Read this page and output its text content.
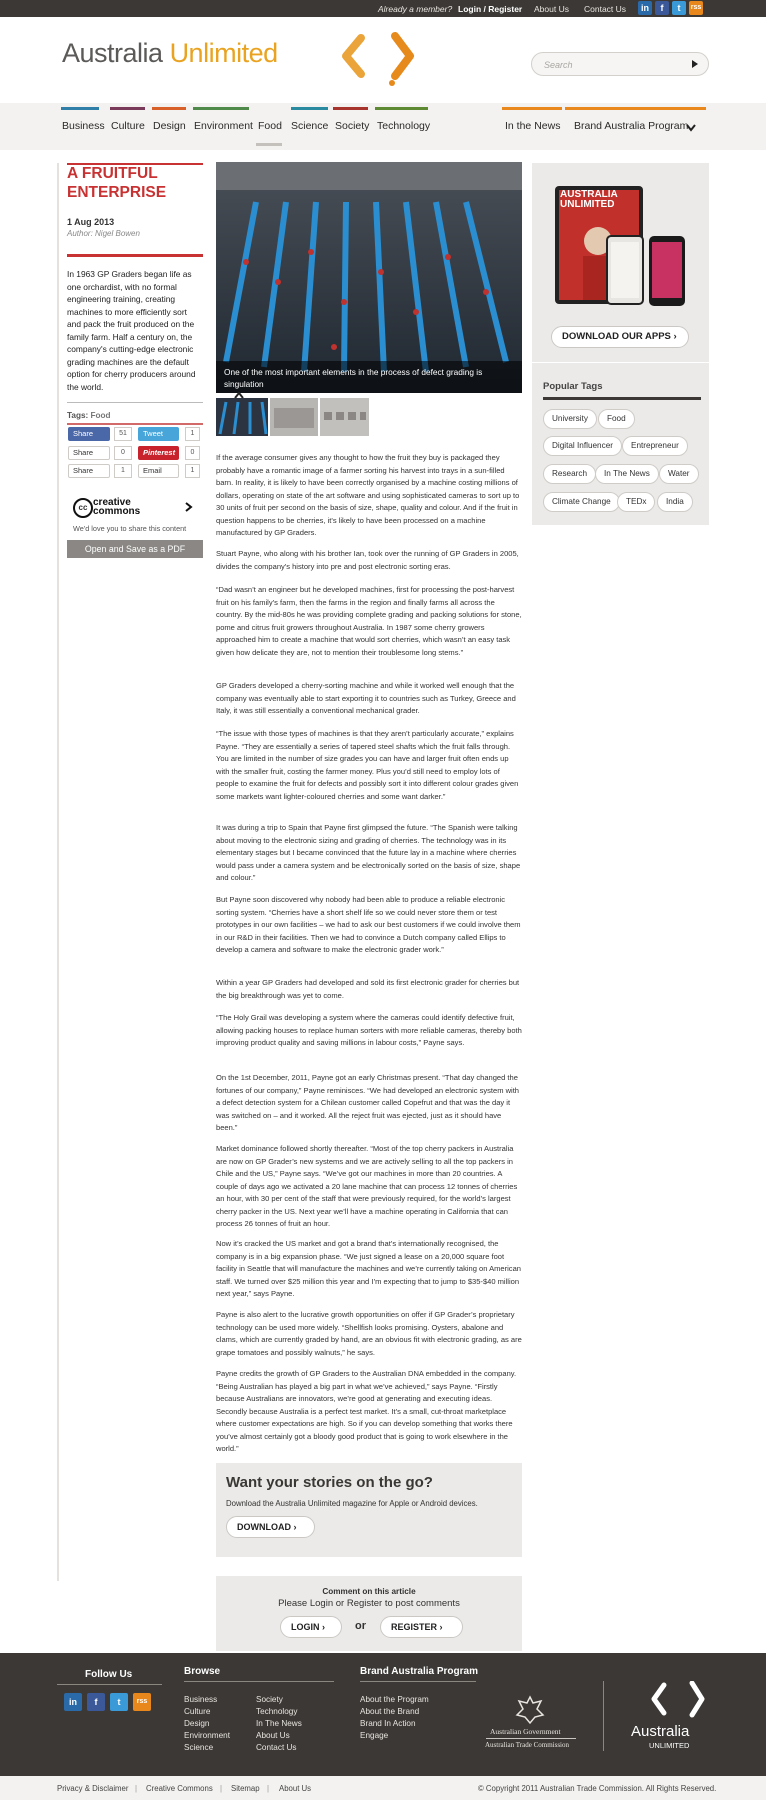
Already a member? Login / Register About Us Contact Us	in	f	t	rss
Australia Unlimited	Search
Business Culture Design Environment Food Science Society Technology	In the News Brand Australia Program
A FRUITFUL ENTERPRISE
1 Aug 2013
Author: Nigel Bowen
In 1963 GP Graders began life as one orchardist, with no formal engineering training, creating machines to more efficiently sort and pack the fruit produced on the family farm. Half a century on, the company's cutting-edge electronic grading machines are the default option for cherry producers around the world.
Tags: Food
Share	51	Tweet	1
Share	0	Pinterest	0
Share	1	Email	1
cc creative commons
We'd love you to share this content
Open and Save as a PDF
One of the most important elements in the process of defect grading is singulation

If the average consumer gives any thought to how the fruit they buy is packaged they probably have a romantic image of a farmer sorting his harvest into trays in a sun-filled barn. In reality, it is likely to have been correctly organised by a machine costing millions of dollars, operating on state of the art software and using sophisticated cameras to sort up to 30 units of fruit per second on the basis of size, shape, quality and colour. And if the fruit in question happens to be cherries, it's likely to have been processed on a machine manufactured by GP Graders.

Stuart Payne, who along with his brother Ian, took over the running of GP Graders in 2005, divides the company's history into pre and post electronic sorting eras.

“Dad wasn’t an engineer but he developed machines, first for processing the post-harvest fruit on his family’s farm, then the farms in the region and finally farms all across the country. By the mid-80s he was providing complete grading and packing solutions for stone, pome and citrus fruit growers throughout Australia. In 1987 some cherry growers approached him to create a machine that would sort cherries, which wasn’t an easy task given how delicate they are, not to mention their troublesome long stems.”

GP Graders developed a cherry-sorting machine and while it worked well enough that the company was eventually able to start exporting it to countries such as Turkey, Greece and Italy, it was still essentially a conventional mechanical grader.

“The issue with those types of machines is that they aren’t particularly accurate,” explains Payne. “They are essentially a series of tapered steel shafts which the fruit falls through. You are limited in the number of size grades you can have and larger fruit often ends up with the smaller fruit, costing the farmer money. Plus you’d still need to employ lots of people to examine the fruit for defects and possibly sort it into different colour grades given some markets want lighter-coloured cherries and some want darker.”

It was during a trip to Spain that Payne first glimpsed the future. “The Spanish were talking about moving to the electronic sizing and grading of cherries. The technology was in its elementary stages but I became convinced that the future lay in a machine where cherries would pass under a camera system and be electronically sorted on the basis of size, shape and colour.”

But Payne soon discovered why nobody had been able to produce a reliable electronic sorting system. “Cherries have a short shelf life so we could never store them or test prototypes in our own facilities – we had to ask our best customers if we could involve them in our R&D in their facilities. Then we had to convince a Dutch company called Ellips to develop a camera and software to make the electronic grader work.”

Within a year GP Graders had developed and sold its first electronic grader for cherries but the big breakthrough was yet to come.

“The Holy Grail was developing a system where the cameras could identify defective fruit, allowing packing houses to replace human sorters with more reliable cameras, thereby both improving product quality and saving millions in labour costs,” Payne says.

On the 1st December, 2011, Payne got an early Christmas present. “That day changed the fortunes of our company,” Payne reminisces. “We had developed an electronic system with a defect detection system for a Chilean customer called Copefrut and that was the day it was switched on – and it worked. All the reject fruit was ejected, just as it should have been.”

Market dominance followed shortly thereafter. “Most of the top cherry packers in Australia are now on GP Grader’s new systems and we are actively selling to all the top packers in Chile and the US,” Payne says. “We’ve got our machines in more than 20 countries. A couple of days ago we activated a 20 lane machine that can process 12 tonnes of cherries an hour, with 30 per cent of the staff that were previously required, for the world’s largest cherry packer in the US. Next year we’ll have a machine operating in California that can process 26 tonnes of fruit an hour.

Now it’s cracked the US market and got a brand that’s internationally recognised, the company is in a big expansion phase. “We just signed a lease on a 20,000 square foot facility in Seattle that will manufacture the machines and we’re currently taking on American staff. We turned over $25 million this year and I’m expecting that to jump to $35-$40 million next year,” says Payne.

Payne is also alert to the lucrative growth opportunities on offer if GP Grader’s proprietary technology can be used more widely. “Shellfish looks promising. Oysters, abalone and clams, which are currently graded by hand, are an obvious fit with electronic grading, as are grape tomatoes and possibly walnuts,” he says.

Payne credits the growth of GP Graders to the Australian DNA embedded in the company. “Being Australian has played a big part in what we’ve achieved,” says Payne. “Firstly because Australians are innovators, we’re good at generating and executing ideas. Secondly because Australia is a perfect test market. It’s a small, cut-throat marketplace where customer expectations are high. So if you can develop something that works there you’ve almost certainly got a bloody good product that is going to work elsewhere in the world.”

Want your stories on the go?
Download the Australia Unlimited magazine for Apple or Android devices.
DOWNLOAD ›
Comment on this article
Please Login or Register to post comments
LOGIN ›	or	REGISTER ›
AUSTRALIA UNLIMITED
DOWNLOAD OUR APPS ›
Popular Tags
University	Food
Digital Influencer	Entrepreneur
Research	In The News	Water
Climate Change	TEDx	India
Follow Us
in	f	t	rss
Browse
Business
Culture
Design
Environment
Science
Society
Technology
In The News
About Us
Contact Us
Brand Australia Program
About the Program
About the Brand
Brand In Action
Engage	Australian Government
Australian Trade Commission
Australia
UNLIMITED
Privacy & Disclaimer | Creative Commons | Sitemap | About Us	© Copyright 2011 Australian Trade Commission. All Rights Reserved.
